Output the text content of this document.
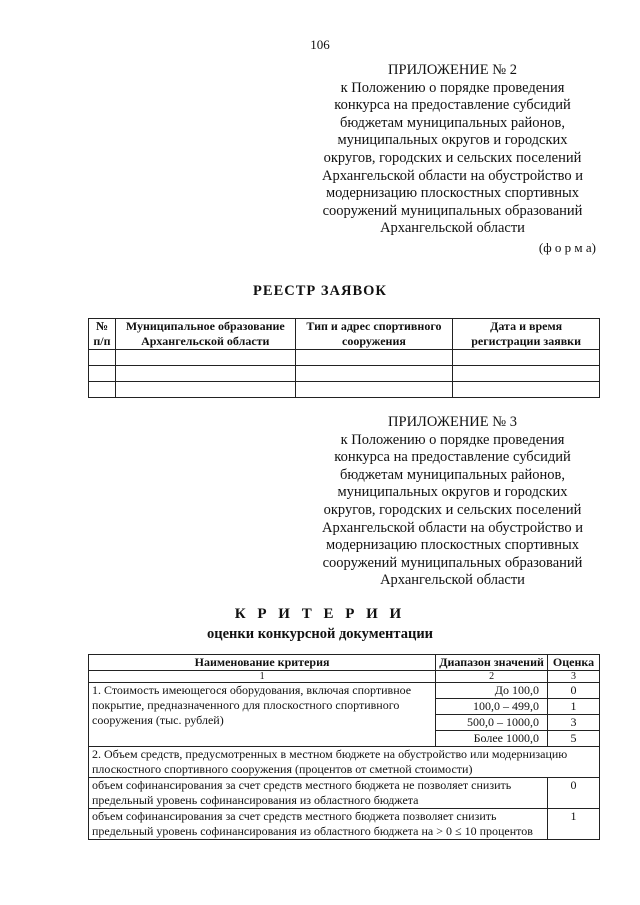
106
ПРИЛОЖЕНИЕ № 2
к Положению о порядке проведения
конкурса на предоставление субсидий
бюджетам муниципальных районов,
муниципальных округов и городских
округов, городских и сельских поселений
Архангельской области на обустройство и
модернизацию плоскостных спортивных
сооружений муниципальных образований
Архангельской области
(ф о р м а)
РЕЕСТР ЗАЯВОК
№ п/п	Муниципальное образование Архангельской области	Тип и адрес спортивного сооружения	Дата и время регистрации заявки

ПРИЛОЖЕНИЕ № 3
к Положению о порядке проведения
конкурса на предоставление субсидий
бюджетам муниципальных районов,
муниципальных округов и городских
округов, городских и сельских поселений
Архангельской области на обустройство и
модернизацию плоскостных спортивных
сооружений муниципальных образований
Архангельской области
К Р И Т Е Р И И
оценки конкурсной документации
Наименование критерия	Диапазон значений	Оценка
1	2	3
1. Стоимость имеющегося оборудования, включая спортивное покрытие, предназначенного для плоскостного спортивного сооружения (тыс. рублей)	До 100,0	0
	100,0 – 499,0	1
	500,0 – 1000,0	3
	Более 1000,0	5
2. Объем средств, предусмотренных в местном бюджете на обустройство или модернизацию плоскостного спортивного сооружения (процентов от сметной стоимости)		
объем софинансирования за счет средств местного бюджета не позволяет снизить предельный уровень софинансирования из областного бюджета		0
объем софинансирования за счет средств местного бюджета позволяет снизить предельный уровень софинансирования из областного бюджета на > 0 ≤ 10 процентов		1
